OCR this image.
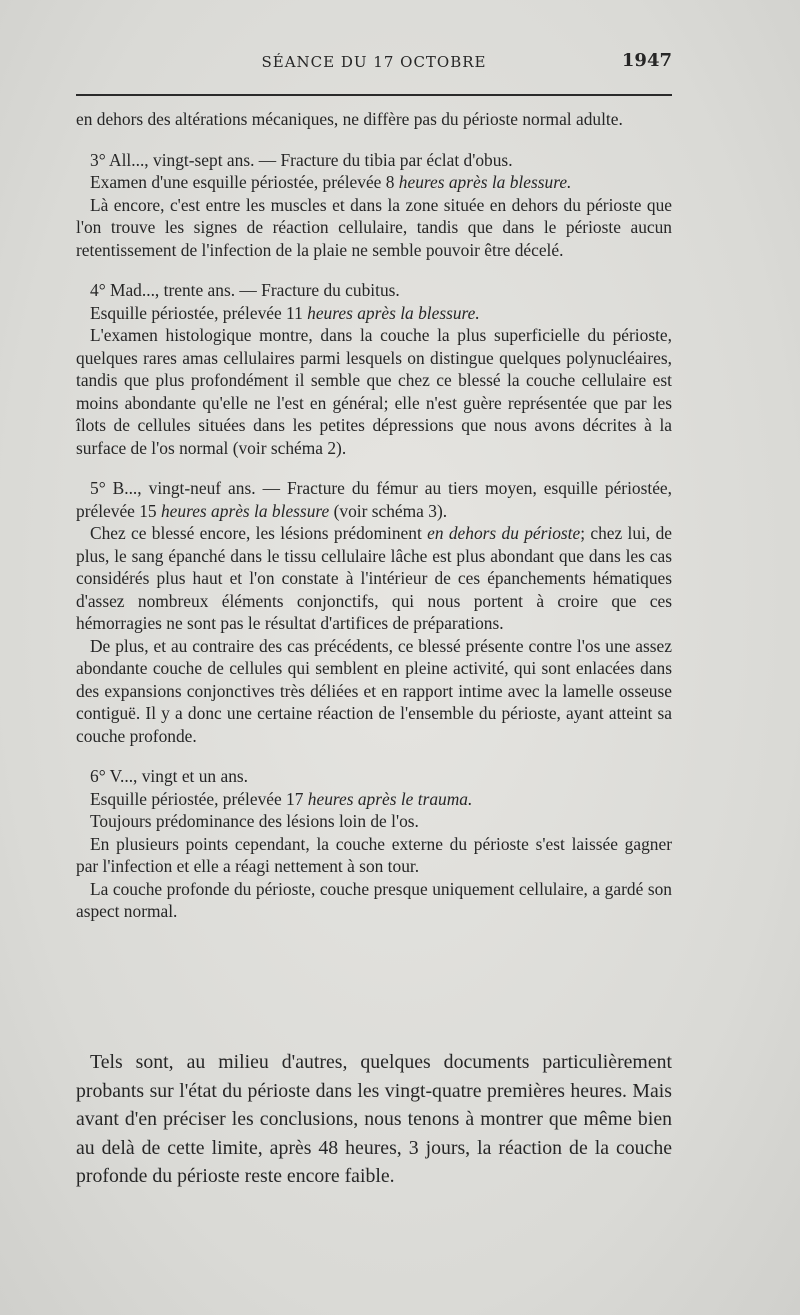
SÉANCE DU 17 OCTOBRE	1947

en dehors des altérations mécaniques, ne diffère pas du périoste normal adulte.

3° All..., vingt-sept ans. — Fracture du tibia par éclat d'obus.

Examen d'une esquille périostée, prélevée 8 heures après la blessure.

Là encore, c'est entre les muscles et dans la zone située en dehors du périoste que l'on trouve les signes de réaction cellulaire, tandis que dans le périoste aucun retentissement de l'infection de la plaie ne semble pouvoir être décelé.

4° Mad..., trente ans. — Fracture du cubitus.

Esquille périostée, prélevée 11 heures après la blessure.

L'examen histologique montre, dans la couche la plus superficielle du périoste, quelques rares amas cellulaires parmi lesquels on distingue quelques polynucléaires, tandis que plus profondément il semble que chez ce blessé la couche cellulaire est moins abondante qu'elle ne l'est en général; elle n'est guère représentée que par les îlots de cellules situées dans les petites dépressions que nous avons décrites à la surface de l'os normal (voir schéma 2).

5° B..., vingt-neuf ans. — Fracture du fémur au tiers moyen, esquille périostée, prélevée 15 heures après la blessure (voir schéma 3).

Chez ce blessé encore, les lésions prédominent en dehors du périoste; chez lui, de plus, le sang épanché dans le tissu cellulaire lâche est plus abondant que dans les cas considérés plus haut et l'on constate à l'intérieur de ces épanchements hématiques d'assez nombreux éléments conjonctifs, qui nous portent à croire que ces hémorragies ne sont pas le résultat d'artifices de préparations.

De plus, et au contraire des cas précédents, ce blessé présente contre l'os une assez abondante couche de cellules qui semblent en pleine activité, qui sont enlacées dans des expansions conjonctives très déliées et en rapport intime avec la lamelle osseuse contiguë. Il y a donc une certaine réaction de l'ensemble du périoste, ayant atteint sa couche profonde.

6° V..., vingt et un ans.

Esquille périostée, prélevée 17 heures après le trauma.

Toujours prédominance des lésions loin de l'os.

En plusieurs points cependant, la couche externe du périoste s'est laissée gagner par l'infection et elle a réagi nettement à son tour.

La couche profonde du périoste, couche presque uniquement cellulaire, a gardé son aspect normal.

Tels sont, au milieu d'autres, quelques documents particulièrement probants sur l'état du périoste dans les vingt-quatre premières heures. Mais avant d'en préciser les conclusions, nous tenons à montrer que même bien au delà de cette limite, après 48 heures, 3 jours, la réaction de la couche profonde du périoste reste encore faible.
